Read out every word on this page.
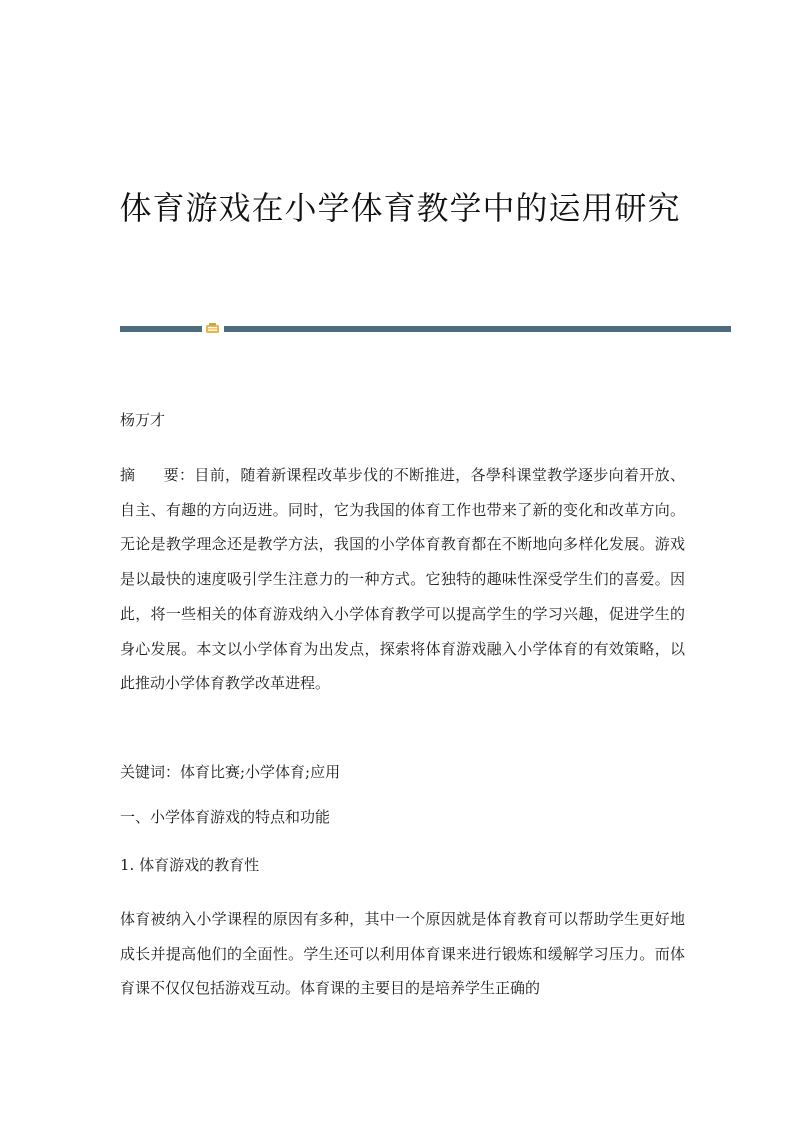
体育游戏在小学体育教学中的运用研究
杨万才
摘 要：目前，随着新课程改革步伐的不断推进，各學科课堂教学逐步向着开放、自主、有趣的方向迈进。同时，它为我国的体育工作也带来了新的变化和改革方向。无论是教学理念还是教学方法，我国的小学体育教育都在不断地向多样化发展。游戏是以最快的速度吸引学生注意力的一种方式。它独特的趣味性深受学生们的喜爱。因此，将一些相关的体育游戏纳入小学体育教学可以提高学生的学习兴趣，促进学生的身心发展。本文以小学体育为出发点，探索将体育游戏融入小学体育的有效策略，以此推动小学体育教学改革进程。
关键词：体育比赛;小学体育;应用
一、小学体育游戏的特点和功能
1. 体育游戏的教育性
体育被纳入小学课程的原因有多种，其中一个原因就是体育教育可以帮助学生更好地成长并提高他们的全面性。学生还可以利用体育课来进行锻炼和缓解学习压力。而体育课不仅仅包括游戏互动。体育课的主要目的是培养学生正确的
